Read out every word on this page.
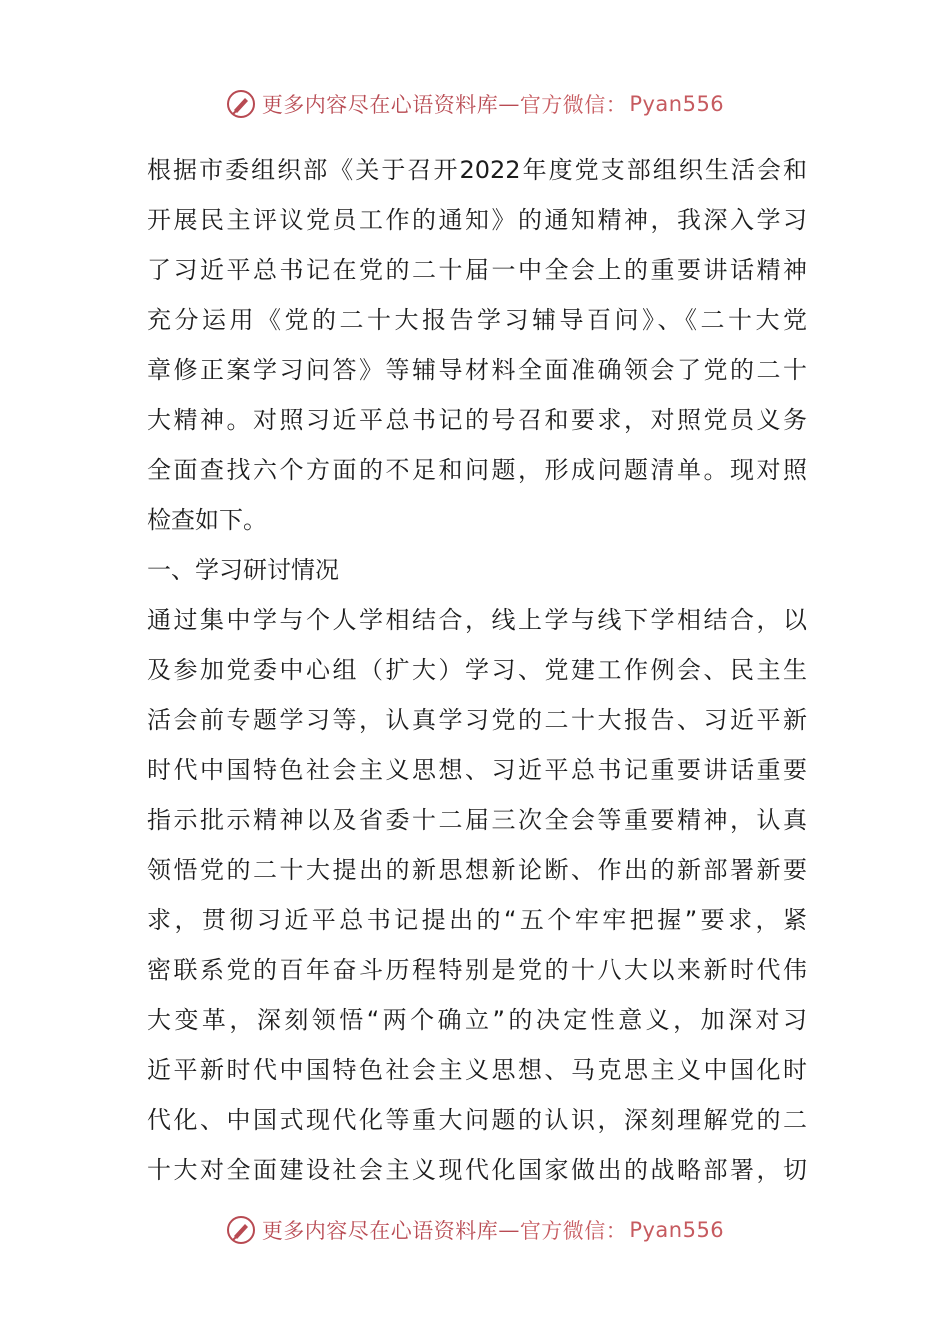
更多内容尽在心语资料库 — 官方微信： Pyan556
根据市委组织部《关于召开2022年度党支部组织生活会和
开展民主评议党员工作的通知》的通知精神，我深入学习
了习近平总书记在党的二十届一中全会上的重要讲话精神
充分运用《党的二十大报告学习辅导百问》、《二十大党
章修正案学习问答》等辅导材料全面准确领会了党的二十
大精神。对照习近平总书记的号召和要求，对照党员义务
全面查找六个方面的不足和问题，形成问题清单。现对照
检查如下。
一、学习研讨情况
通过集中学与个人学相结合，线上学与线下学相结合，以
及参加党委中心组（扩大）学习、党建工作例会、民主生
活会前专题学习等，认真学习党的二十大报告、习近平新
时代中国特色社会主义思想、习近平总书记重要讲话重要
指示批示精神以及省委十二届三次全会等重要精神，认真
领悟党的二十大提出的新思想新论断、作出的新部署新要
求，贯彻习近平总书记提出的“五个牢牢把握”要求，紧
密联系党的百年奋斗历程特别是党的十八大以来新时代伟
大变革，深刻领悟“两个确立”的决定性意义，加深对习
近平新时代中国特色社会主义思想、马克思主义中国化时
代化、中国式现代化等重大问题的认识，深刻理解党的二
十大对全面建设社会主义现代化国家做出的战略部署，切
更多内容尽在心语资料库 — 官方微信： Pyan556
